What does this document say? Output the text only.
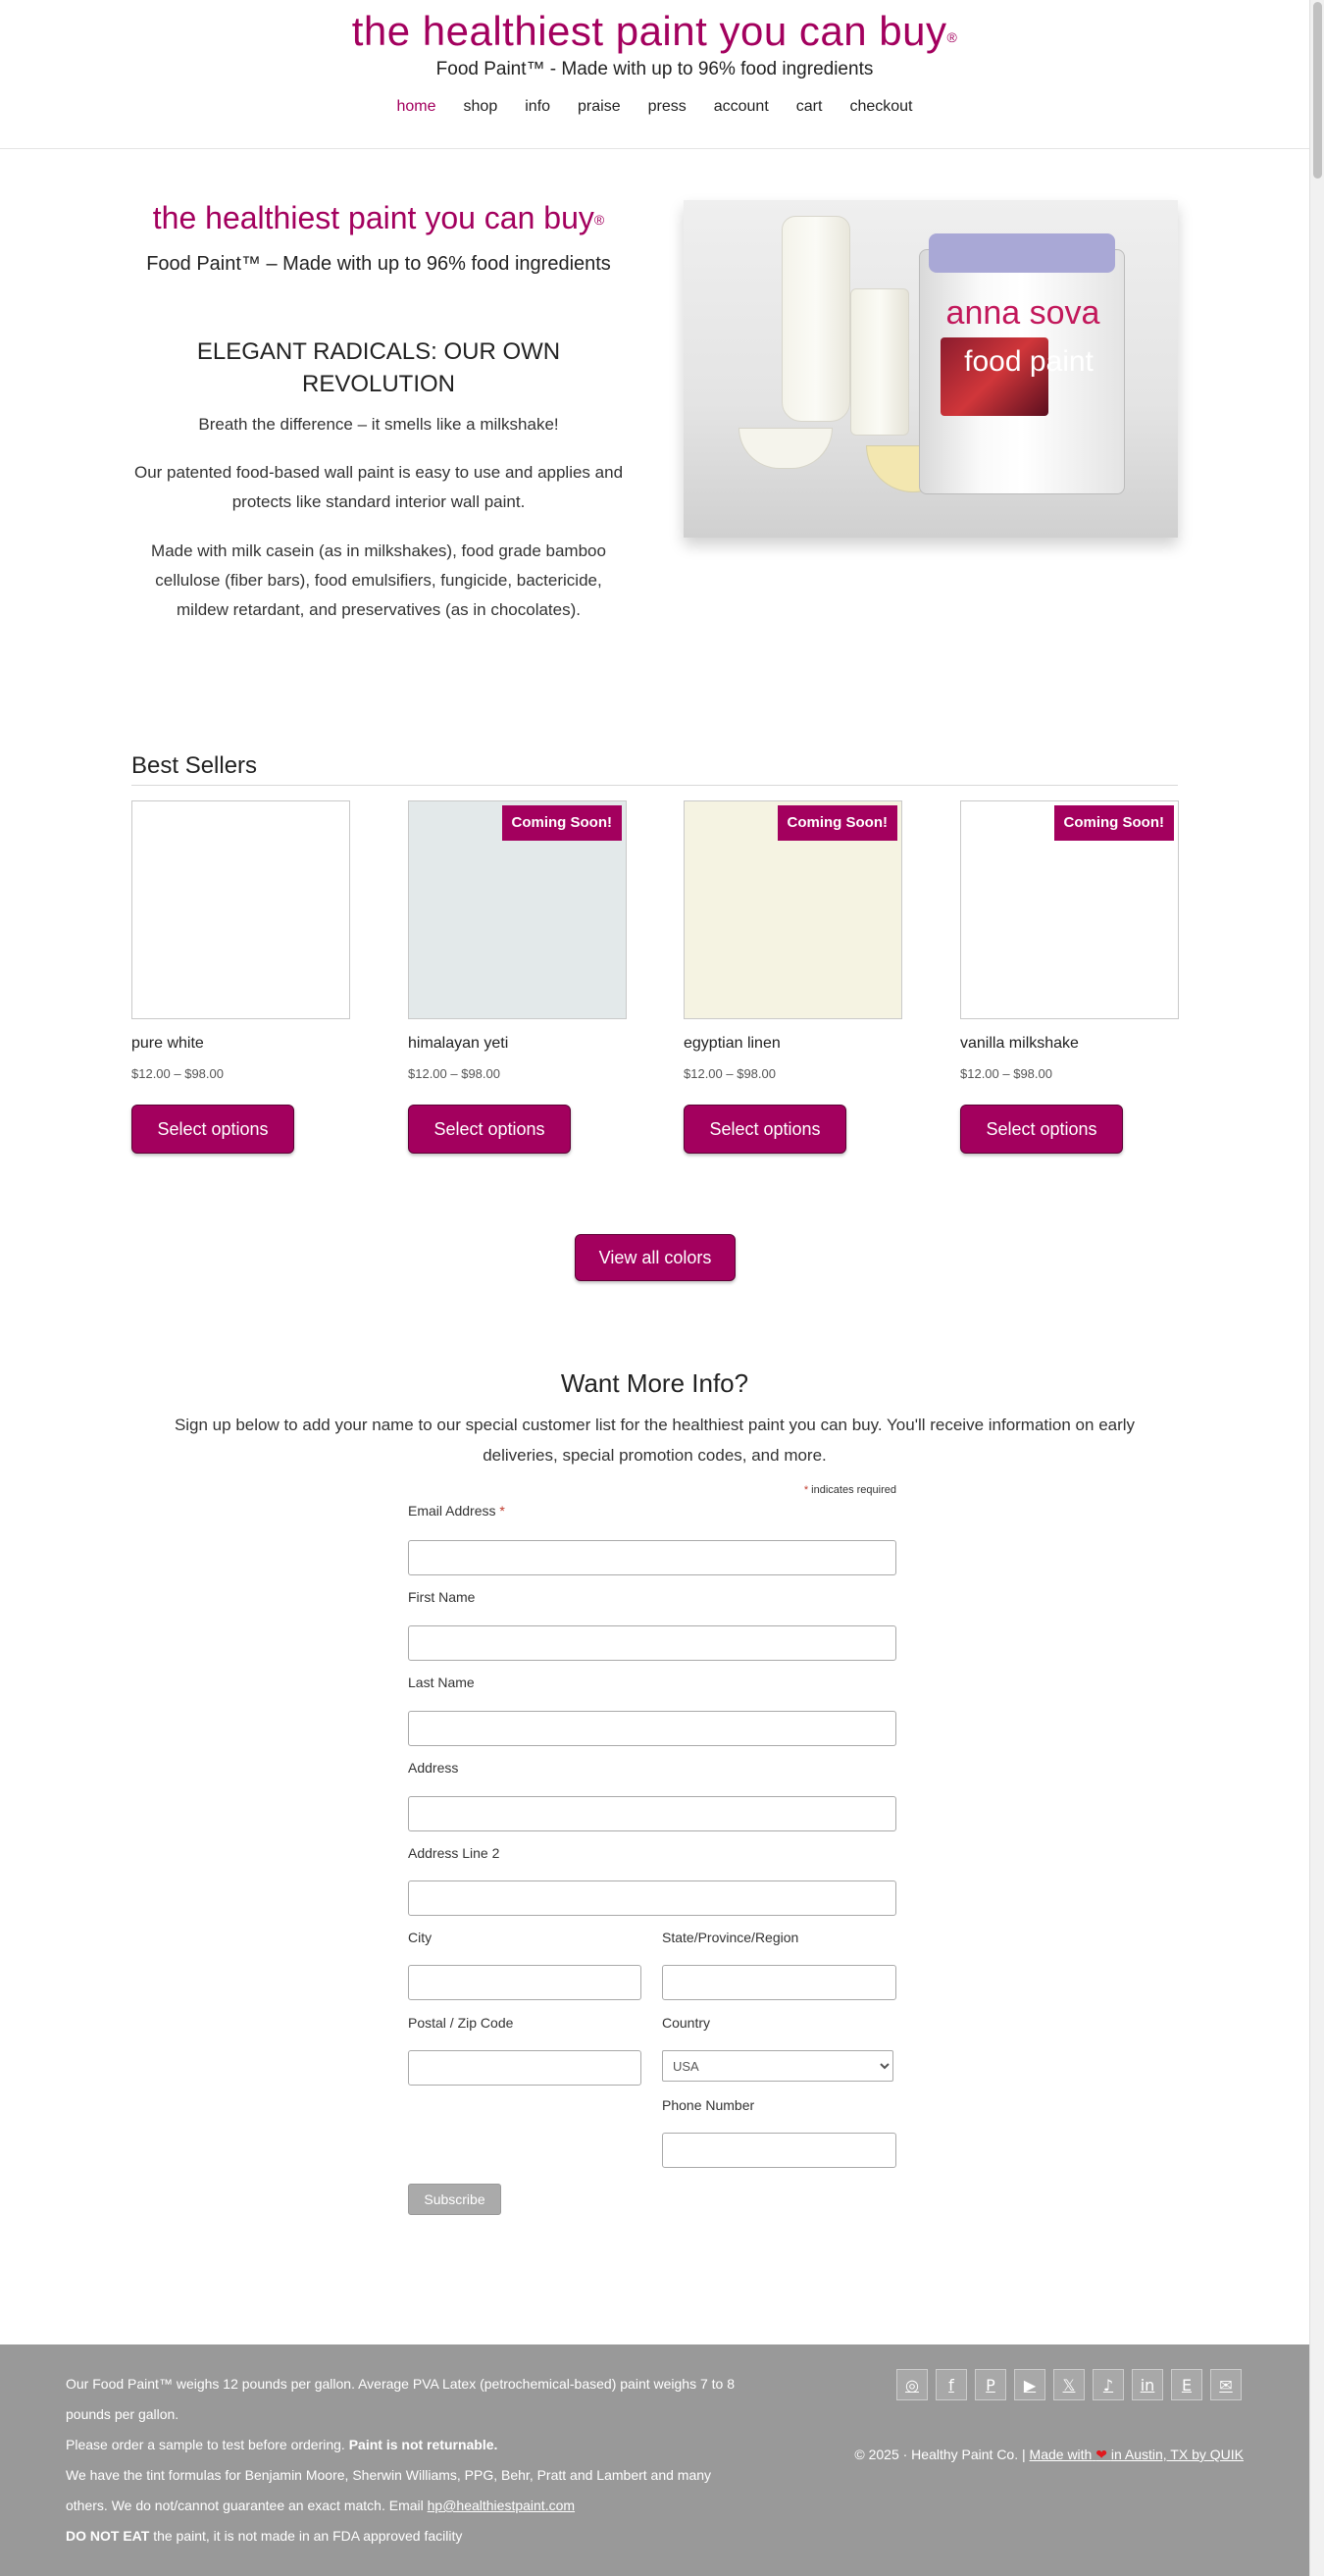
the healthiest paint you can buy®
Food Paint™ - Made with up to 96% food ingredients
home	shop	info	praise	press	account	cart	checkout
the healthiest paint you can buy®
Food Paint™ – Made with up to 96% food ingredients
ELEGANT RADICALS: OUR OWN REVOLUTION

Breath the difference – it smells like a milkshake!

Our patented food-based wall paint is easy to use and applies and protects like standard interior wall paint.

Made with milk casein (as in milkshakes), food grade bamboo cellulose (fiber bars), food emulsifiers, fungicide, bactericide, mildew retardant, and preservatives (as in chocolates).

anna sova
food paint
Best Sellers
pure white
$12.00 – $98.00
Select options
Coming Soon!
himalayan yeti
$12.00 – $98.00
Select options
Coming Soon!
egyptian linen
$12.00 – $98.00
Select options
Coming Soon!
vanilla milkshake
$12.00 – $98.00
Select options
View all colors
Want More Info?

Sign up below to add your name to our special customer list for the healthiest paint you can buy. You'll receive information on early deliveries, special promotion codes, and more.

* indicates required
Email Address *
First Name
Last Name
Address
Address Line 2
City	State/Province/Region
Postal / Zip Code	Country
USA
Phone Number
Subscribe
Our Food Paint™ weighs 12 pounds per gallon. Average PVA Latex (petrochemical-based) paint weighs 7 to 8 pounds per gallon.
Please order a sample to test before ordering. Paint is not returnable.
We have the tint formulas for Benjamin Moore, Sherwin Williams, PPG, Behr, Pratt and Lambert and many others. We do not/cannot guarantee an exact match. Email hp@healthiestpaint.com
DO NOT EAT the paint, it is not made in an FDA approved facility
◎	f	P	▶	𝕏	♪	in	E	✉
© 2025 · Healthy Paint Co. | Made with ❤ in Austin, TX by QUIK
